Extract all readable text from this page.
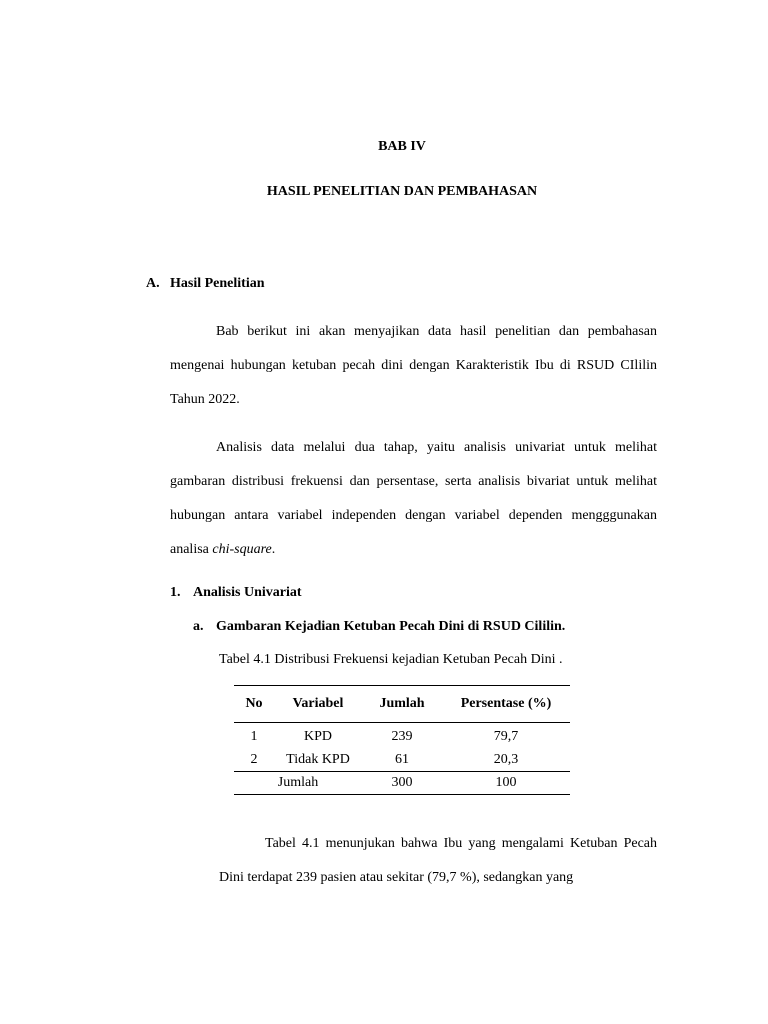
BAB IV
HASIL PENELITIAN DAN PEMBAHASAN
A. Hasil Penelitian

Bab berikut ini akan menyajikan data hasil penelitian dan pembahasan mengenai hubungan ketuban pecah dini dengan Karakteristik Ibu di RSUD CIlilin Tahun 2022.

Analisis data melalui dua tahap, yaitu analisis univariat untuk melihat gambaran distribusi frekuensi dan persentase, serta analisis bivariat untuk melihat hubungan antara variabel independen dengan variabel dependen mengggunakan analisa chi-square.

1. Analisis Univariat
a. Gambaran Kejadian Ketuban Pecah Dini di RSUD Cililin.
Tabel 4.1 Distribusi Frekuensi kejadian Ketuban Pecah Dini .
No	Variabel	Jumlah	Persentase (%)
1	KPD	239	79,7
2	Tidak KPD	61	20,3
Jumlah		300	100

Tabel 4.1 menunjukan bahwa Ibu yang mengalami Ketuban Pecah Dini terdapat 239 pasien atau sekitar (79,7 %), sedangkan yang
